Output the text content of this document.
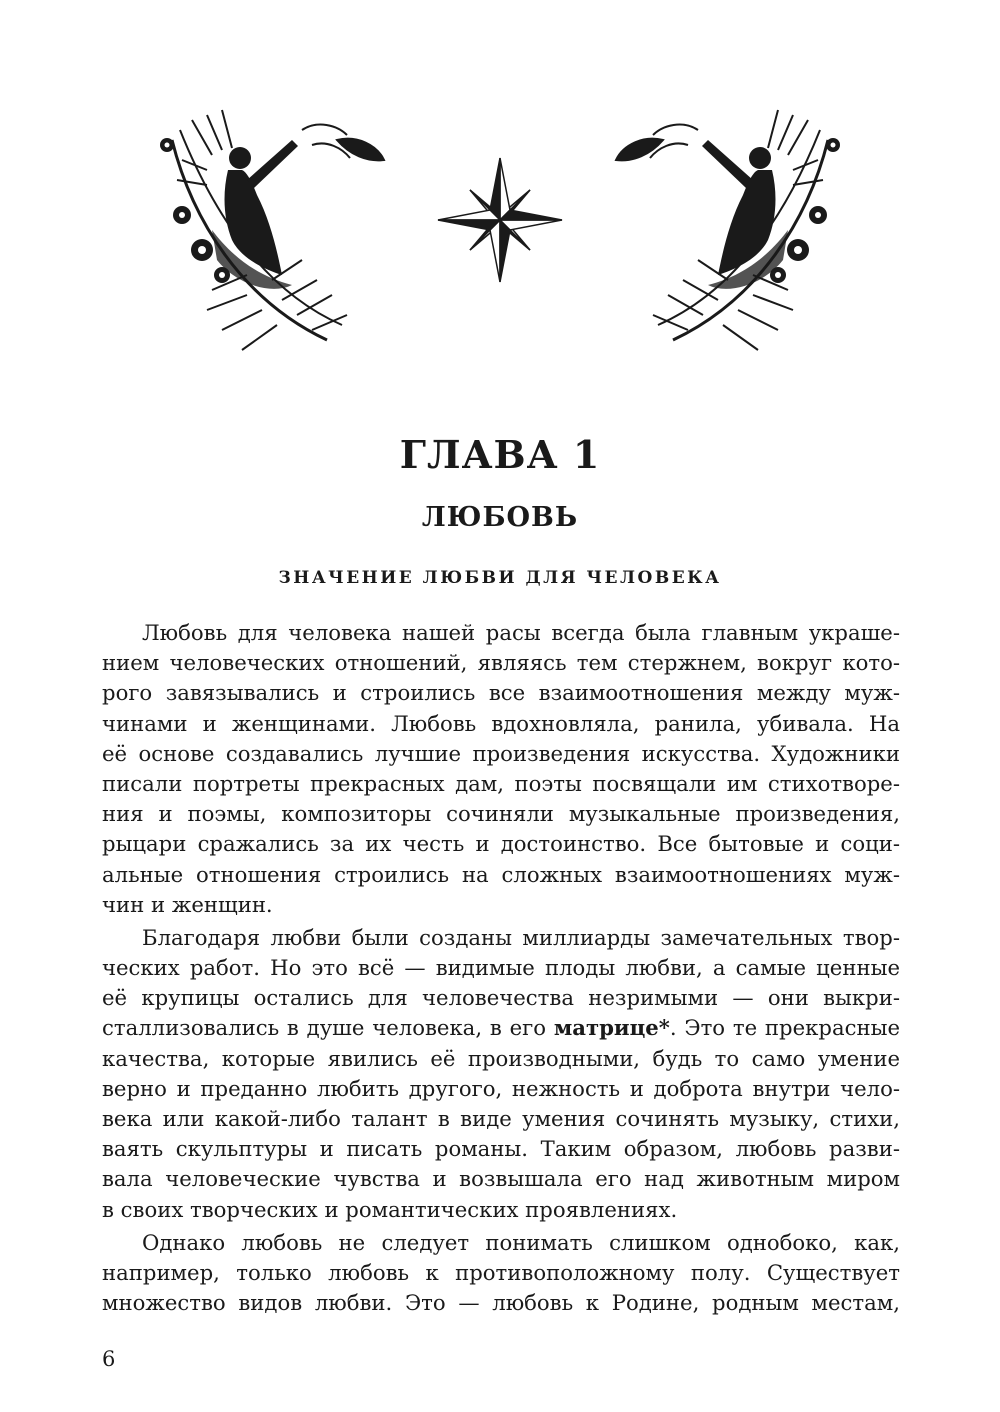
ГЛАВА 1
ЛЮБОВЬ
ЗНАЧЕНИЕ ЛЮБВИ ДЛЯ ЧЕЛОВЕКА
Любовь для человека нашей расы всегда была главным украше-
нием человеческих отношений, являясь тем стержнем, вокруг кото-
рого завязывались и строились все взаимоотношения между муж-
чинами и женщинами. Любовь вдохновляла, ранила, убивала. На
её основе создавались лучшие произведения искусства. Художники
писали портреты прекрасных дам, поэты посвящали им стихотворе-
ния и поэмы, композиторы сочиняли музыкальные произведения,
рыцари сражались за их честь и достоинство. Все бытовые и соци-
альные отношения строились на сложных взаимоотношениях муж-
чин и женщин.
Благодаря любви были созданы миллиарды замечательных твор-
ческих работ. Но это всё — видимые плоды любви, а самые ценные
её крупицы остались для человечества незримыми — они выкри-
сталлизовались в душе человека, в его матрице*. Это те прекрасные
качества, которые явились её производными, будь то само умение
верно и преданно любить другого, нежность и доброта внутри чело-
века или какой-либо талант в виде умения сочинять музыку, стихи,
ваять скульптуры и писать романы. Таким образом, любовь разви-
вала человеческие чувства и возвышала его над животным миром
в своих творческих и романтических проявлениях.
Однако любовь не следует понимать слишком однобоко, как,
например, только любовь к противоположному полу. Существует
множество видов любви. Это — любовь к Родине, родным местам,

6
